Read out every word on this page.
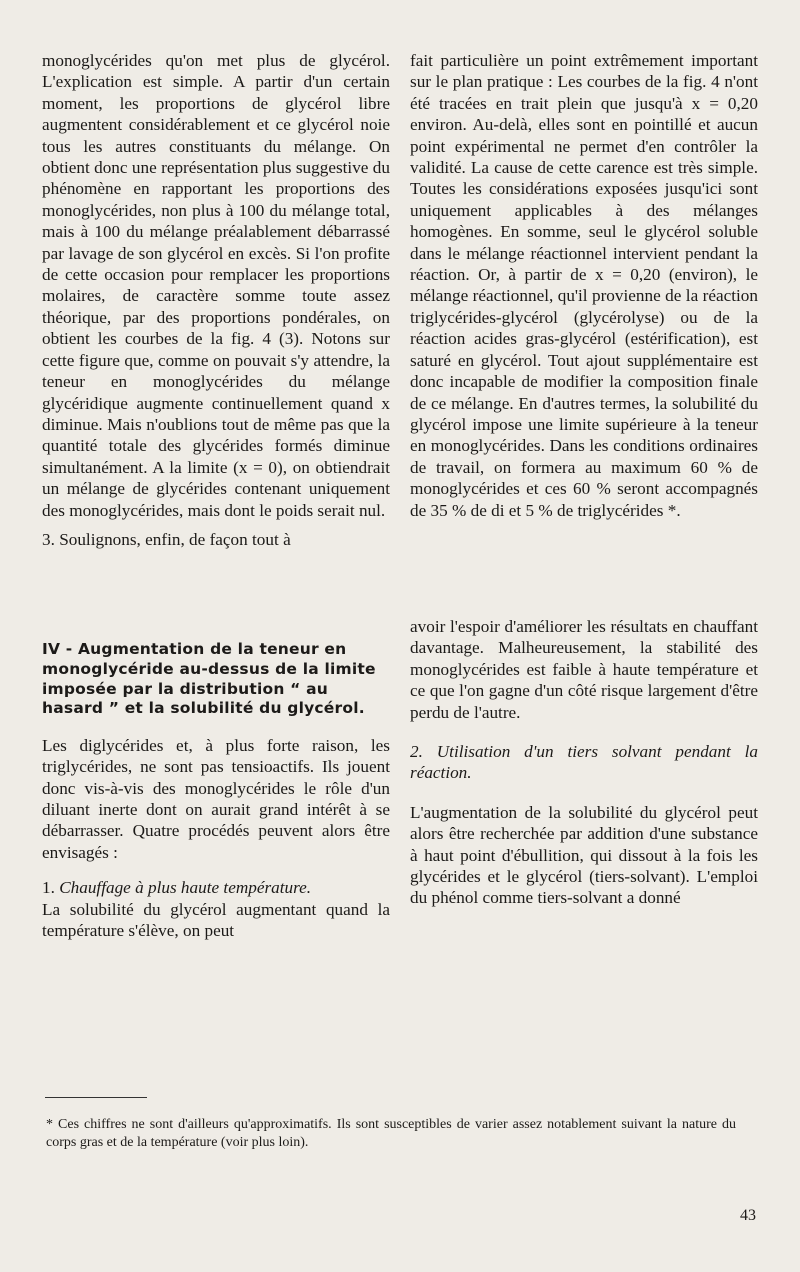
monoglycérides qu'on met plus de glycérol. L'explication est simple. A partir d'un certain moment, les proportions de glycérol libre augmentent considérablement et ce glycérol noie tous les autres constituants du mélange. On obtient donc une représentation plus suggestive du phénomène en rapportant les proportions des monoglycérides, non plus à 100 du mélange total, mais à 100 du mélange préalablement débarrassé par lavage de son glycérol en excès. Si l'on profite de cette occasion pour remplacer les proportions molaires, de caractère somme toute assez théorique, par des proportions pondérales, on obtient les courbes de la fig. 4 (3). Notons sur cette figure que, comme on pouvait s'y attendre, la teneur en monoglycérides du mélange glycéridique augmente continuellement quand x diminue. Mais n'oublions tout de même pas que la quantité totale des glycérides formés diminue simultanément. A la limite (x = 0), on obtiendrait un mélange de glycérides contenant uniquement des monoglycérides, mais dont le poids serait nul.

3. Soulignons, enfin, de façon tout à

IV - Augmentation de la teneur en monoglycéride au-dessus de la limite imposée par la distribution “ au hasard ” et la solubilité du glycérol.

Les diglycérides et, à plus forte raison, les triglycérides, ne sont pas tensioactifs. Ils jouent donc vis-à-vis des monoglycérides le rôle d'un diluant inerte dont on aurait grand intérêt à se débarrasser. Quatre procédés peuvent alors être envisagés :

1. Chauffage à plus haute température.

La solubilité du glycérol augmentant quand la température s'élève, on peut

fait particulière un point extrêmement important sur le plan pratique : Les courbes de la fig. 4 n'ont été tracées en trait plein que jusqu'à x = 0,20 environ. Au-delà, elles sont en pointillé et aucun point expérimental ne permet d'en contrôler la validité. La cause de cette carence est très simple. Toutes les considérations exposées jusqu'ici sont uniquement applicables à des mélanges homogènes. En somme, seul le glycérol soluble dans le mélange réactionnel intervient pendant la réaction. Or, à partir de x = 0,20 (environ), le mélange réactionnel, qu'il provienne de la réaction triglycérides-glycérol (glycérolyse) ou de la réaction acides gras-glycérol (estérification), est saturé en glycérol. Tout ajout supplémentaire est donc incapable de modifier la composition finale de ce mélange. En d'autres termes, la solubilité du glycérol impose une limite supérieure à la teneur en monoglycérides. Dans les conditions ordinaires de travail, on formera au maximum 60 % de monoglycérides et ces 60 % seront accompagnés de 35 % de di et 5 % de triglycérides *.

avoir l'espoir d'améliorer les résultats en chauffant davantage. Malheureusement, la stabilité des monoglycérides est faible à haute température et ce que l'on gagne d'un côté risque largement d'être perdu de l'autre.

2. Utilisation d'un tiers solvant pendant la réaction.

L'augmentation de la solubilité du glycérol peut alors être recherchée par addition d'une substance à haut point d'ébullition, qui dissout à la fois les glycérides et le glycérol (tiers-solvant). L'emploi du phénol comme tiers-solvant a donné

* Ces chiffres ne sont d'ailleurs qu'approximatifs. Ils sont susceptibles de varier assez notablement suivant la nature du corps gras et de la température (voir plus loin).

43
